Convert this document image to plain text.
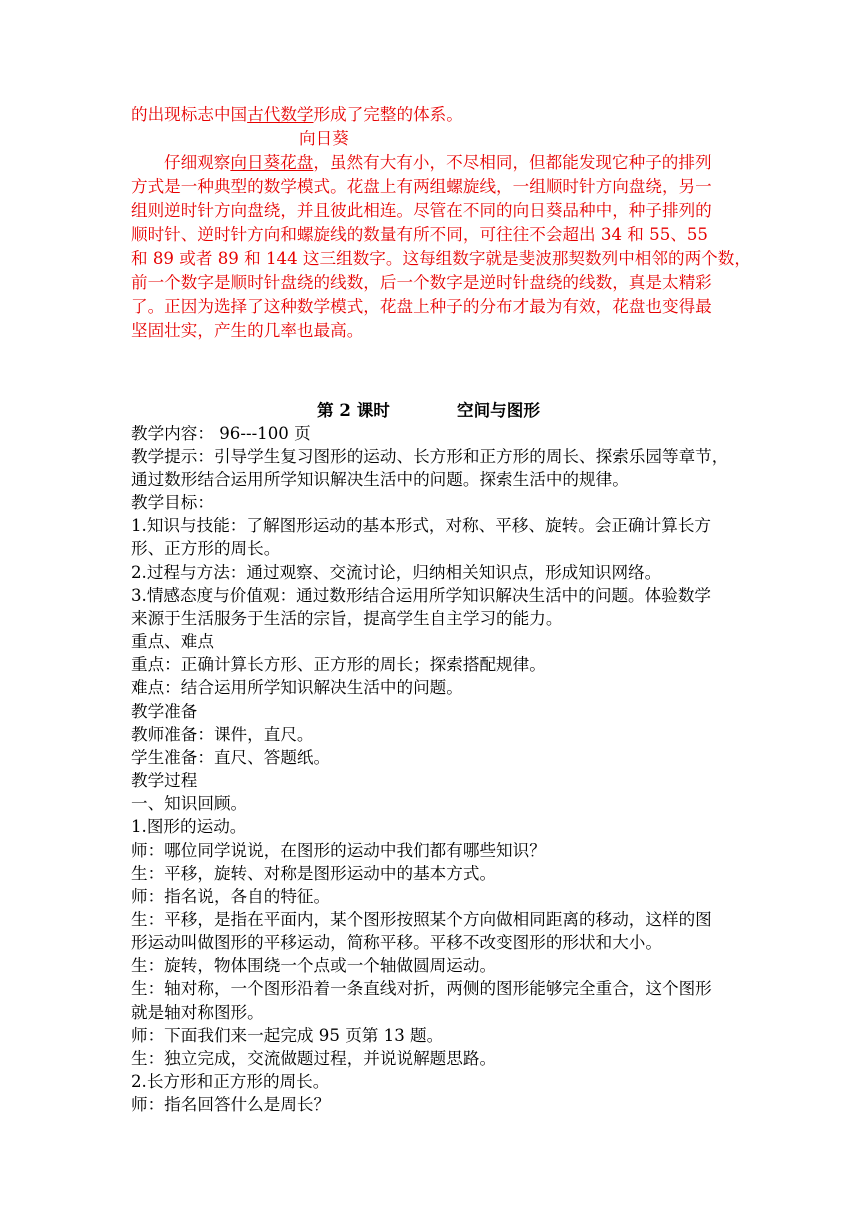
的出现标志中国古代数学形成了完整的体系。
向日葵
仔细观察向日葵花盘，虽然有大有小，不尽相同，但都能发现它种子的排列
方式是一种典型的数学模式。花盘上有两组螺旋线，一组顺时针方向盘绕，另一
组则逆时针方向盘绕，并且彼此相连。尽管在不同的向日葵品种中，种子排列的
顺时针、逆时针方向和螺旋线的数量有所不同，可往往不会超出 34 和 55、55
和 89 或者 89 和 144 这三组数字。这每组数字就是斐波那契数列中相邻的两个数，
前一个数字是顺时针盘绕的线数，后一个数字是逆时针盘绕的线数，真是太精彩
了。正因为选择了这种数学模式，花盘上种子的分布才最为有效，花盘也变得最
坚固壮实，产生的几率也最高。
第 2 课时	空间与图形
教学内容： 96---100 页
教学提示：引导学生复习图形的运动、长方形和正方形的周长、探索乐园等章节，
通过数形结合运用所学知识解决生活中的问题。探索生活中的规律。
教学目标：
1.知识与技能：了解图形运动的基本形式，对称、平移、旋转。会正确计算长方
形、正方形的周长。
2.过程与方法：通过观察、交流讨论，归纳相关知识点，形成知识网络。
3.情感态度与价值观：通过数形结合运用所学知识解决生活中的问题。体验数学
来源于生活服务于生活的宗旨，提高学生自主学习的能力。
重点、难点
重点：正确计算长方形、正方形的周长；探索搭配规律。
难点：结合运用所学知识解决生活中的问题。
教学准备
教师准备：课件，直尺。
学生准备：直尺、答题纸。
教学过程
一、知识回顾。
1.图形的运动。
师：哪位同学说说，在图形的运动中我们都有哪些知识？
生：平移，旋转、对称是图形运动中的基本方式。
师：指名说，各自的特征。
生：平移，是指在平面内，某个图形按照某个方向做相同距离的移动，这样的图
形运动叫做图形的平移运动，简称平移。平移不改变图形的形状和大小。
生：旋转，物体围绕一个点或一个轴做圆周运动。
生：轴对称，一个图形沿着一条直线对折，两侧的图形能够完全重合，这个图形
就是轴对称图形。
师：下面我们来一起完成 95 页第 13 题。
生：独立完成，交流做题过程，并说说解题思路。
2.长方形和正方形的周长。
师：指名回答什么是周长？
